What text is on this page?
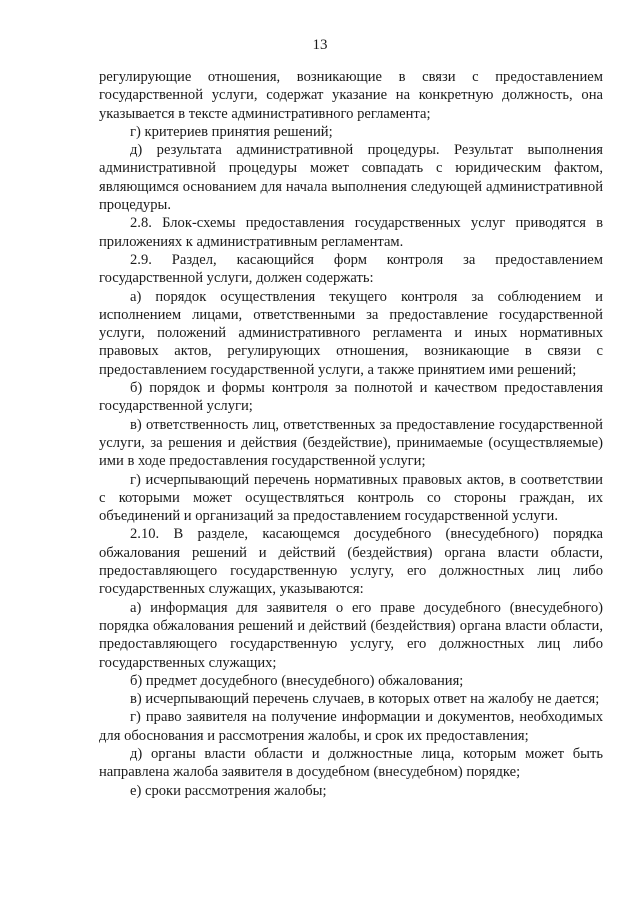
13

регулирующие отношения, возникающие в связи с предоставлением государственной услуги, содержат указание на конкретную должность, она указывается в тексте административного регламента;

г) критериев принятия решений;

д) результата административной процедуры. Результат выполнения административной процедуры может совпадать с юридическим фактом, являющимся основанием для начала выполнения следующей административной процедуры.

2.8. Блок-схемы предоставления государственных услуг приводятся в приложениях к административным регламентам.

2.9. Раздел, касающийся форм контроля за предоставлением государственной услуги, должен содержать:

а) порядок осуществления текущего контроля за соблюдением и исполнением лицами, ответственными за предоставление государственной услуги, положений административного регламента и иных нормативных правовых актов, регулирующих отношения, возникающие в связи с предоставлением государственной услуги, а также принятием ими решений;

б) порядок и формы контроля за полнотой и качеством предоставления государственной услуги;

в) ответственность лиц, ответственных за предоставление государственной услуги, за решения и действия (бездействие), принимаемые (осуществляемые) ими в ходе предоставления государственной услуги;

г) исчерпывающий перечень нормативных правовых актов, в соответствии с которыми может осуществляться контроль со стороны граждан, их объединений и организаций за предоставлением государственной услуги.

2.10. В разделе, касающемся досудебного (внесудебного) порядка обжалования решений и действий (бездействия) органа власти области, предоставляющего государственную услугу, его должностных лиц либо государственных служащих, указываются:

а) информация для заявителя о его праве досудебного (внесудебного) порядка обжалования решений и действий (бездействия) органа власти области, предоставляющего государственную услугу, его должностных лиц либо государственных служащих;

б) предмет досудебного (внесудебного) обжалования;

в) исчерпывающий перечень случаев, в которых ответ на жалобу не дается;

г) право заявителя на получение информации и документов, необходимых для обоснования и рассмотрения жалобы, и срок их предоставления;

д) органы власти области и должностные лица, которым может быть направлена жалоба заявителя в досудебном (внесудебном) порядке;

е) сроки рассмотрения жалобы;
